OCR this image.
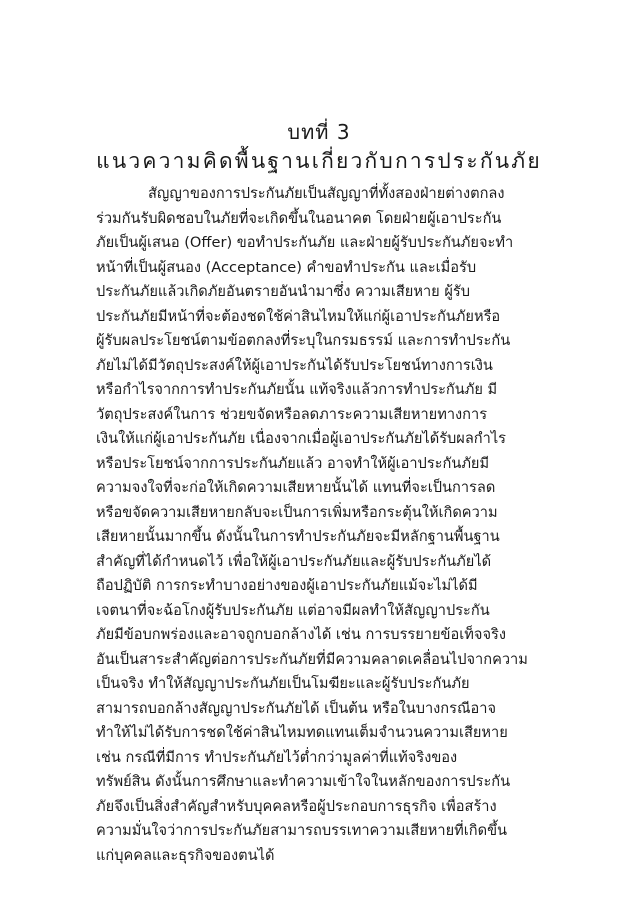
บทที่ 3
แนวความคิดพื้นฐานเกี่ยวกับการประกันภัย
สัญญาของการประกันภัยเป็นสัญญาที่ทั้งสองฝ่ายต่างตกลง
ร่วมกันรับผิดชอบในภัยที่จะเกิดขึ้นในอนาคต โดยฝ่ายผู้เอาประกัน
ภัยเป็นผู้เสนอ (Offer) ขอทำประกันภัย และฝ่ายผู้รับประกันภัยจะทำ
หน้าที่เป็นผู้สนอง (Acceptance) คำขอทำประกัน และเมื่อรับ
ประกันภัยแล้วเกิดภัยอันตรายอันนำมาซึ่ง ความเสียหาย ผู้รับ
ประกันภัยมีหน้าที่จะต้องชดใช้ค่าสินไหมให้แก่ผู้เอาประกันภัยหรือ
ผู้รับผลประโยชน์ตามข้อตกลงที่ระบุในกรมธรรม์ และการทำประกัน
ภัยไม่ได้มีวัตถุประสงค์ให้ผู้เอาประกันได้รับประโยชน์ทางการเงิน
หรือกำไรจากการทำประกันภัยนั้น แท้จริงแล้วการทำประกันภัย มี
วัตถุประสงค์ในการ ช่วยขจัดหรือลดภาระความเสียหายทางการ
เงินให้แก่ผู้เอาประกันภัย เนื่องจากเมื่อผู้เอาประกันภัยได้รับผลกำไร
หรือประโยชน์จากการประกันภัยแล้ว อาจทำให้ผู้เอาประกันภัยมี
ความจงใจที่จะก่อให้เกิดความเสียหายนั้นได้ แทนที่จะเป็นการลด
หรือขจัดความเสียหายกลับจะเป็นการเพิ่มหรือกระตุ้นให้เกิดความ
เสียหายนั้นมากขึ้น ดังนั้นในการทำประกันภัยจะมีหลักฐานพื้นฐาน
สำคัญที่ได้กำหนดไว้ เพื่อให้ผู้เอาประกันภัยและผู้รับประกันภัยได้
ถือปฏิบัติ การกระทำบางอย่างของผู้เอาประกันภัยแม้จะไม่ได้มี
เจตนาที่จะฉ้อโกงผู้รับประกันภัย แต่อาจมีผลทำให้สัญญาประกัน
ภัยมีข้อบกพร่องและอาจถูกบอกล้างได้ เช่น การบรรยายข้อเท็จจริง
อันเป็นสาระสำคัญต่อการประกันภัยที่มีความคลาดเคลื่อนไปจากความ
เป็นจริง ทำให้สัญญาประกันภัยเป็นโมฆียะและผู้รับประกันภัย
สามารถบอกล้างสัญญาประกันภัยได้ เป็นต้น หรือในบางกรณีอาจ
ทำให้ไม่ได้รับการชดใช้ค่าสินไหมทดแทนเต็มจำนวนความเสียหาย
เช่น กรณีที่มีการ ทำประกันภัยไว้ต่ำกว่ามูลค่าที่แท้จริงของ
ทรัพย์สิน ดังนั้นการศึกษาและทำความเข้าใจในหลักของการประกัน
ภัยจึงเป็นสิ่งสำคัญสำหรับบุคคลหรือผู้ประกอบการธุรกิจ เพื่อสร้าง
ความมั่นใจว่าการประกันภัยสามารถบรรเทาความเสียหายที่เกิดขึ้น
แก่บุคคลและธุรกิจของตนได้
